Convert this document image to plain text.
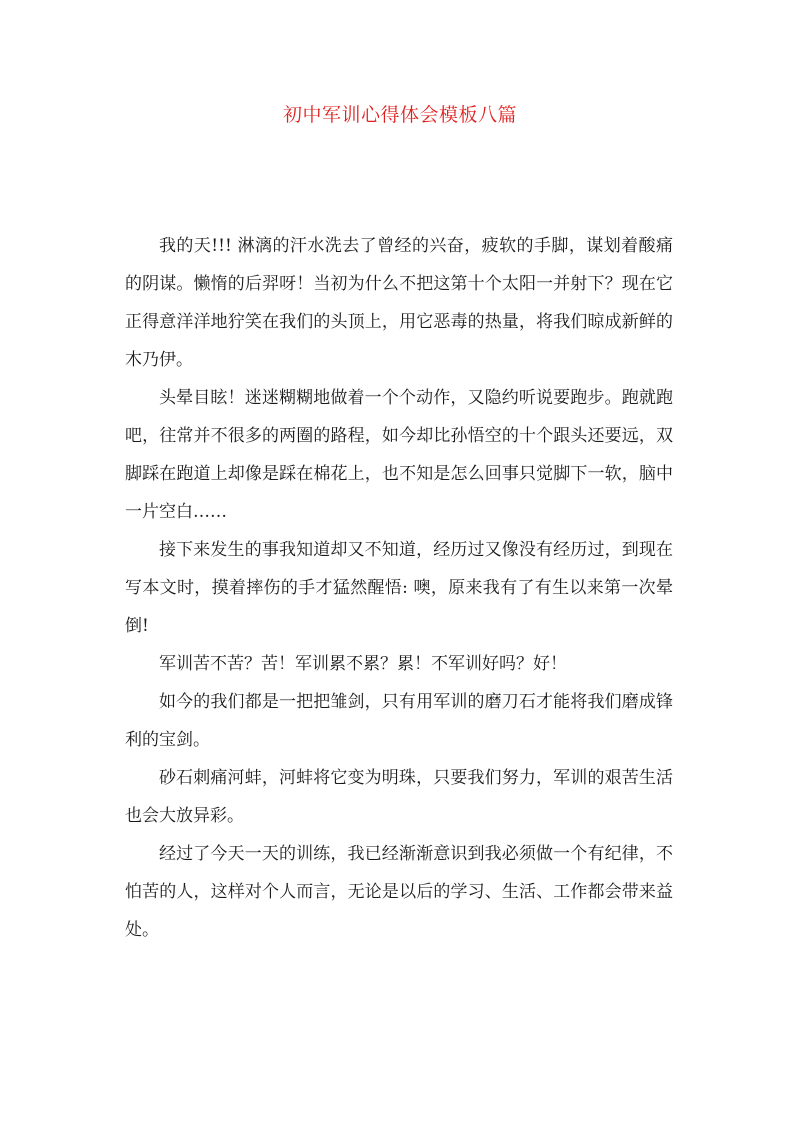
初中军训心得体会模板八篇

我的天!!! 淋漓的汗水洗去了曾经的兴奋，疲软的手脚，谋划着酸痛的阴谋。懒惰的后羿呀！当初为什么不把这第十个太阳一并射下？现在它正得意洋洋地狞笑在我们的头顶上，用它恶毒的热量，将我们晾成新鲜的木乃伊。

头晕目眩！迷迷糊糊地做着一个个动作，又隐约听说要跑步。跑就跑吧，往常并不很多的两圈的路程，如今却比孙悟空的十个跟头还要远，双脚踩在跑道上却像是踩在棉花上，也不知是怎么回事只觉脚下一软，脑中一片空白……

接下来发生的事我知道却又不知道，经历过又像没有经历过，到现在写本文时，摸着摔伤的手才猛然醒悟: 噢，原来我有了有生以来第一次晕倒!

军训苦不苦？苦！军训累不累？累！不军训好吗？好！

如今的我们都是一把把雏剑，只有用军训的磨刀石才能将我们磨成锋利的宝剑。

砂石刺痛河蚌，河蚌将它变为明珠，只要我们努力，军训的艰苦生活也会大放异彩。

经过了今天一天的训练，我已经渐渐意识到我必须做一个有纪律，不怕苦的人，这样对个人而言，无论是以后的学习、生活、工作都会带来益处。
